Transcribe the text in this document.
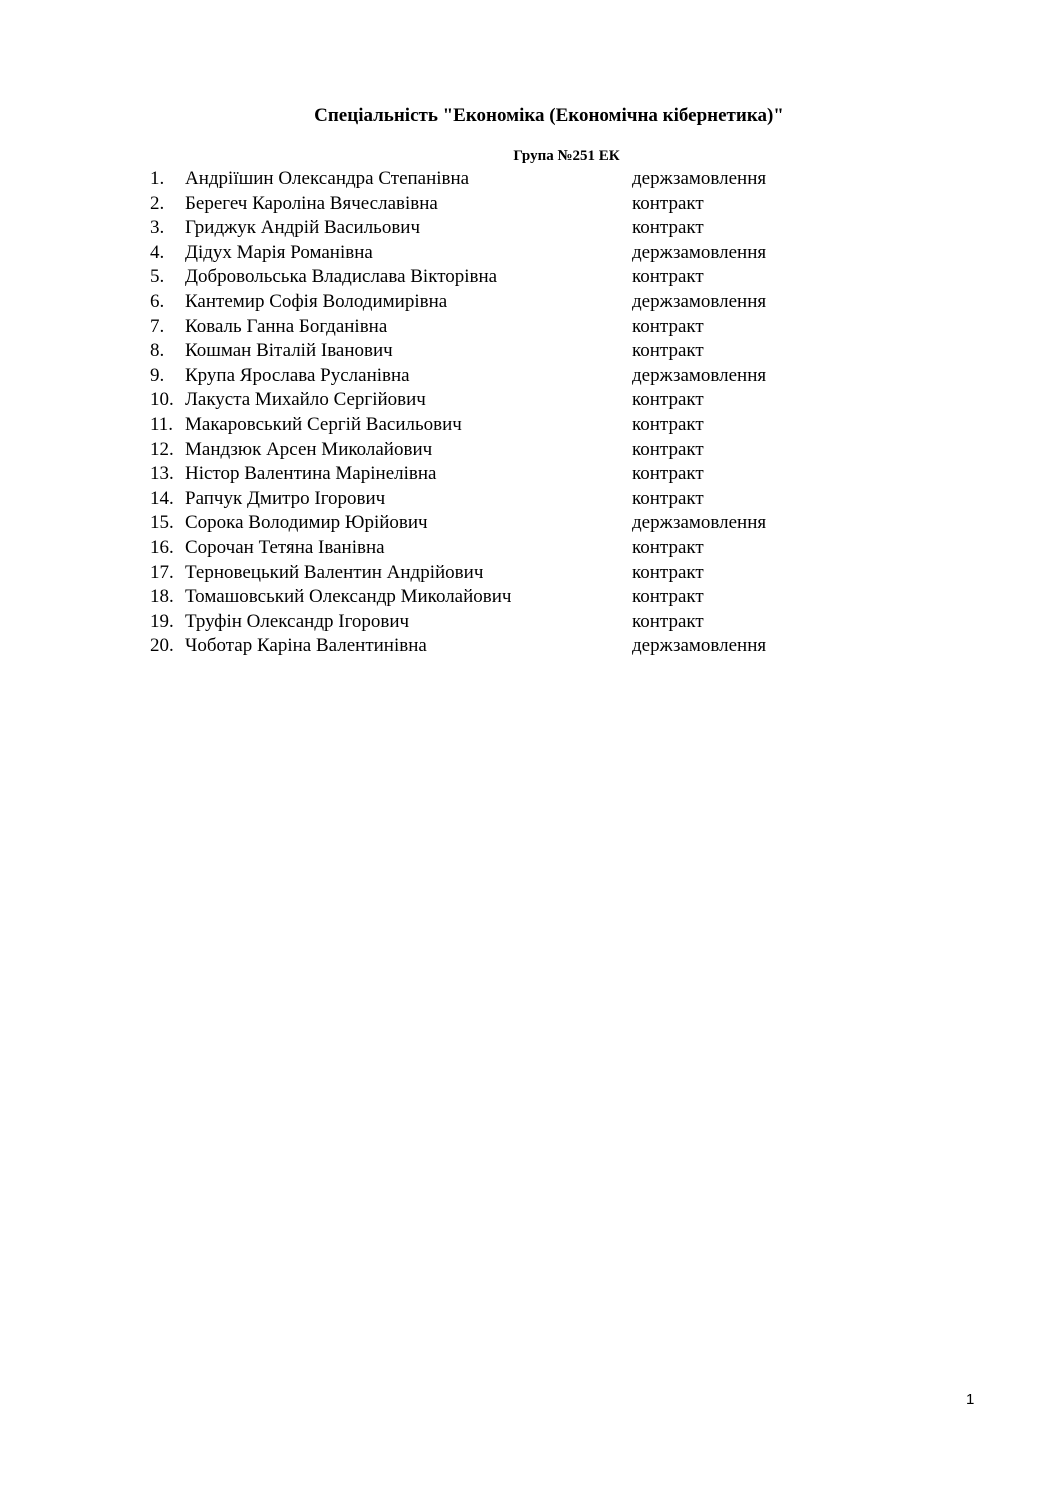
Спеціальність "Економіка (Економічна кібернетика)"
Група №251 ЕК
1. Андріїшин Олександра Степанівна	держзамовлення
2. Берегеч Кароліна Вячеславівна	контракт
3. Гриджук Андрій Васильович	контракт
4. Дідух Марія Романівна	держзамовлення
5. Добровольська Владислава Вікторівна	контракт
6. Кантемир Софія Володимирівна	держзамовлення
7. Коваль Ганна Богданівна	контракт
8. Кошман Віталій Іванович	контракт
9. Крупа Ярослава Русланівна	держзамовлення
10. Лакуста Михайло Сергійович	контракт
11. Макаровський Сергій Васильович	контракт
12. Мандзюк Арсен Миколайович	контракт
13. Ністор Валентина Марінелівна	контракт
14. Рапчук Дмитро Ігорович	контракт
15. Сорока Володимир Юрійович	держзамовлення
16. Сорочан Тетяна Іванівна	контракт
17. Терновецький Валентин Андрійович	контракт
18. Томашовський Олександр Миколайович	контракт
19. Труфін Олександр Ігорович	контракт
20. Чоботар Каріна Валентинівна	держзамовлення
1
